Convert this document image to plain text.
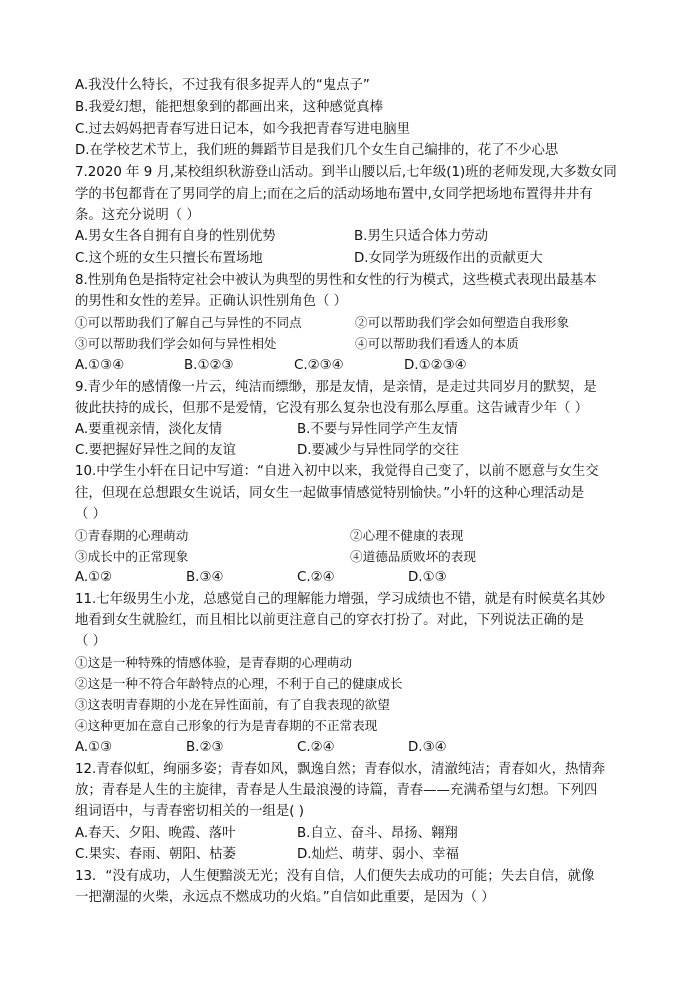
A.我没什么特长，不过我有很多捉弄人的“鬼点子”
B.我爱幻想，能把想象到的都画出来，这种感觉真棒
C.过去妈妈把青春写进日记本，如今我把青春写进电脑里
D.在学校艺术节上，我们班的舞蹈节目是我们几个女生自己编排的，花了不少心思
7.2020 年 9 月,某校组织秋游登山活动。到半山腰以后,七年级(1)班的老师发现,大多数女同
学的书包都背在了男同学的肩上;而在之后的活动场地布置中,女同学把场地布置得井井有
条。这充分说明（ ）
A.男女生各自拥有自身的性别优势	B.男生只适合体力劳动
C.这个班的女生只擅长布置场地	D.女同学为班级作出的贡献更大
8.性别角色是指特定社会中被认为典型的男性和女性的行为模式，这些模式表现出最基本
的男性和女性的差异。正确认识性别角色（ ）
①可以帮助我们了解自己与异性的不同点	②可以帮助我们学会如何塑造自我形象
③可以帮助我们学会如何与异性相处	④可以帮助我们看透人的本质
A.①③④	B.①②③	C.②③④	D.①②③④
9.青少年的感情像一片云，纯洁而缥缈，那是友情，是亲情，是走过共同岁月的默契，是
彼此扶持的成长，但那不是爱情，它没有那么复杂也没有那么厚重。这告诫青少年（ ）
A.要重视亲情，淡化友情	B.不要与异性同学产生友情
C.要把握好异性之间的友谊	D.要减少与异性同学的交往
10.中学生小轩在日记中写道：“自进入初中以来，我觉得自己变了，以前不愿意与女生交
往，但现在总想跟女生说话，同女生一起做事情感觉特别愉快。”小轩的这种心理活动是
（ ）
①青春期的心理萌动	②心理不健康的表现
③成长中的正常现象	④道德品质败坏的表现
A.①②	B.③④	C.②④	D.①③
11.七年级男生小龙，总感觉自己的理解能力增强，学习成绩也不错，就是有时候莫名其妙
地看到女生就脸红，而且相比以前更注意自己的穿衣打扮了。对此，下列说法正确的是
（ ）
①这是一种特殊的情感体验，是青春期的心理萌动
②这是一种不符合年龄特点的心理，不利于自己的健康成长
③这表明青春期的小龙在异性面前，有了自我表现的欲望
④这种更加在意自己形象的行为是青春期的不正常表现
A.①③	B.②③	C.②④	D.③④
12.青春似虹，绚丽多姿；青春如风，飘逸自然；青春似水，清澈纯洁；青春如火，热情奔
放；青春是人生的主旋律，青春是人生最浪漫的诗篇，青春——充满希望与幻想。下列四
组词语中，与青春密切相关的一组是( )
A.春天、夕阳、晚霞、落叶	B.自立、奋斗、昂扬、翱翔
C.果实、春雨、朝阳、枯萎	D.灿烂、萌芽、弱小、幸福
13．“没有成功，人生便黯淡无光；没有自信，人们便失去成功的可能；失去自信，就像
一把潮湿的火柴，永远点不燃成功的火焰。”自信如此重要，是因为（ ）
